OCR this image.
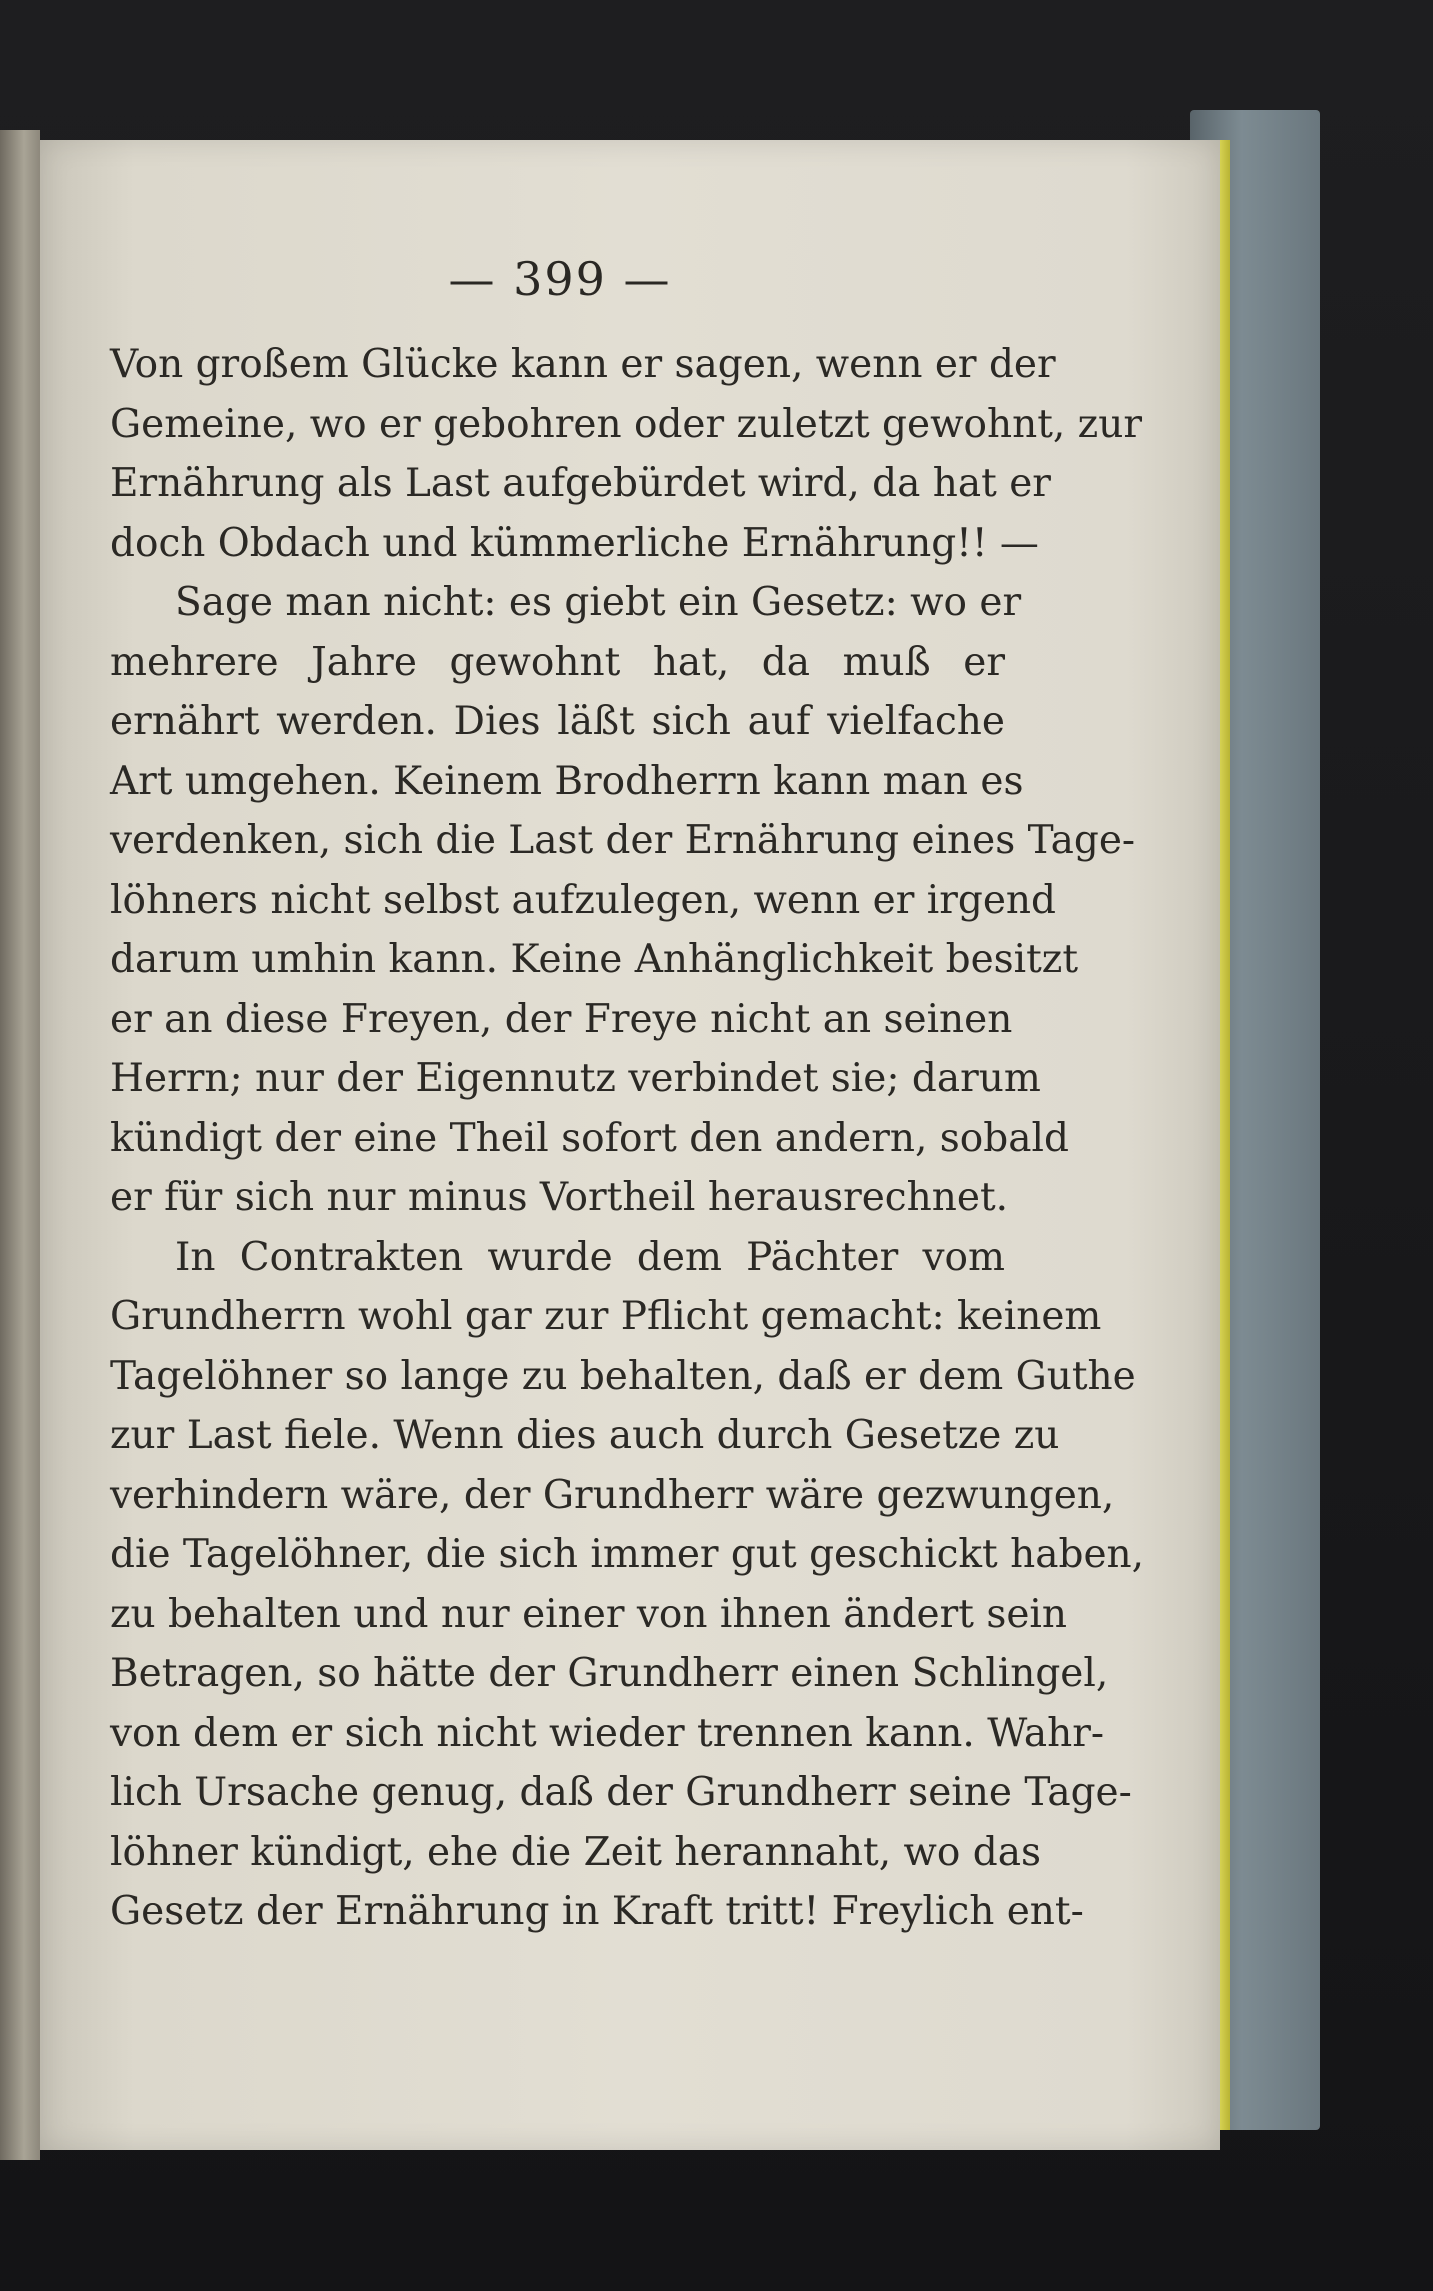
— 399 —
Von großem Glücke kann er sagen, wenn er der
Gemeine, wo er gebohren oder zuletzt gewohnt, zur
Ernährung als Last aufgebürdet wird, da hat er
doch Obdach und kümmerliche Ernährung!! —
Sage man nicht: es giebt ein Gesetz: wo er
mehrere Jahre gewohnt hat, da muß er
ernährt werden. Dies läßt sich auf vielfache
Art umgehen. Keinem Brodherrn kann man es
verdenken, sich die Last der Ernährung eines Tage-
löhners nicht selbst aufzulegen, wenn er irgend
darum umhin kann. Keine Anhänglichkeit besitzt
er an diese Freyen, der Freye nicht an seinen
Herrn; nur der Eigennutz verbindet sie; darum
kündigt der eine Theil sofort den andern, sobald
er für sich nur minus Vortheil herausrechnet.
In Contrakten wurde dem Pächter vom
Grundherrn wohl gar zur Pflicht gemacht: keinem
Tagelöhner so lange zu behalten, daß er dem Guthe
zur Last fiele. Wenn dies auch durch Gesetze zu
verhindern wäre, der Grundherr wäre gezwungen,
die Tagelöhner, die sich immer gut geschickt haben,
zu behalten und nur einer von ihnen ändert sein
Betragen, so hätte der Grundherr einen Schlingel,
von dem er sich nicht wieder trennen kann. Wahr-
lich Ursache genug, daß der Grundherr seine Tage-
löhner kündigt, ehe die Zeit herannaht, wo das
Gesetz der Ernährung in Kraft tritt! Freylich ent-
